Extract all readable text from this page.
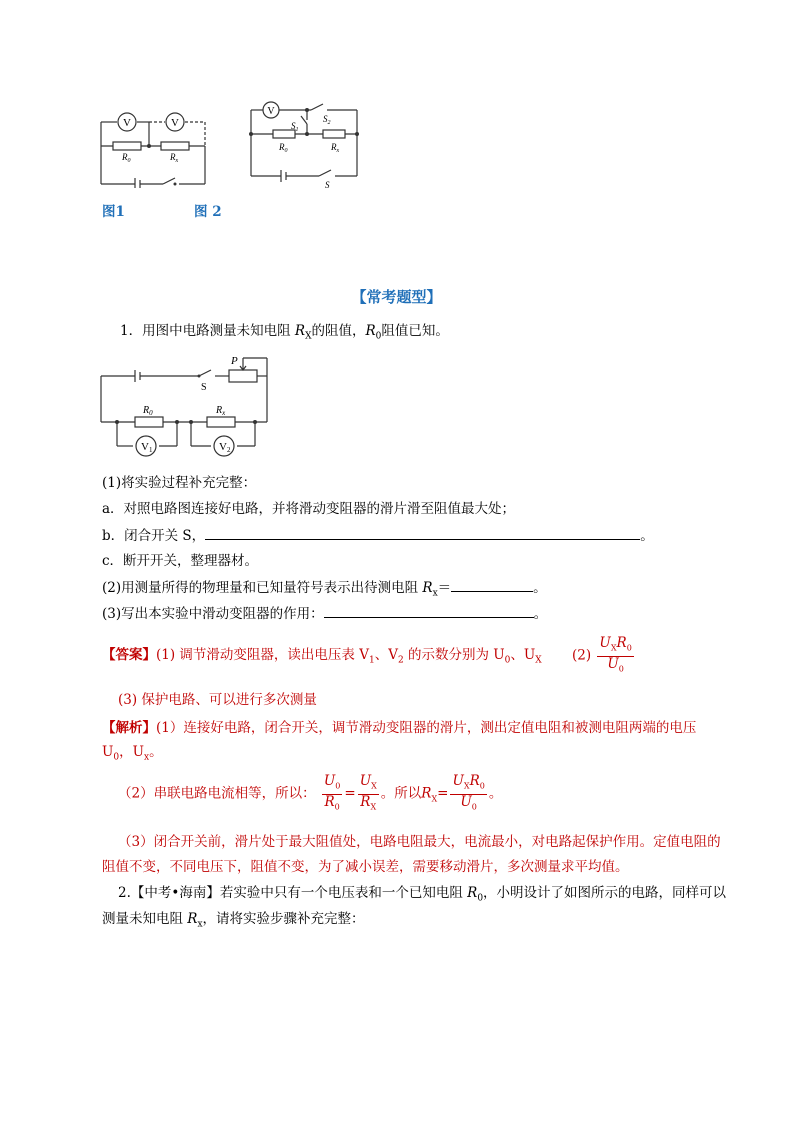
V	V
$R_0$	$R_x$
V
$S_1$
$S_2$
$R_0$	$R_x$
S
图1	图 2
【常考题型】
1．用图中电路测量未知电阻 $R_X$的阻值，$R_0$阻值已知。
P
S
$R_0$	$R_x$
V1	V2
(1)将实验过程补充完整：
a．对照电路图连接好电路，并将滑动变阻器的滑片滑至阻值最大处；
b．闭合开关 S，	。
c．断开开关，整理器材。
(2)用测量所得的物理量和已知量符号表示出待测电阻 $R_x=$	。
(3)写出本实验中滑动变阻器的作用：	。
【答案】(1) 调节滑动变阻器，读出电压表 $V_1$、$V_2$ 的示数分别为 $U_0$、$U_X$ $(2) \frac{U_XR_0}{U_0}$
(3) 保护电路、可以进行多次测量
【解析】(1）连接好电路，闭合开关，调节滑动变阻器的滑片，测出定值电阻和被测电阻两端的电压
$U_0$，$U_x$。
（2）串联电路电流相等，所以： $\frac{U_0}{R_0} = \frac{U_X}{R_X}$ 。所以$R_X= \frac{U_XR_0}{U_0}$ 。
（3）闭合开关前，滑片处于最大阻值处，电路电阻最大，电流最小，对电路起保护作用。定值电阻的
阻值不变，不同电压下，阻值不变，为了减小误差，需要移动滑片，多次测量求平均值。
2.【中考•海南】若实验中只有一个电压表和一个已知电阻 $R_0$，小明设计了如图所示的电路，同样可以
测量未知电阻 $R_x$，请将实验步骤补充完整：
